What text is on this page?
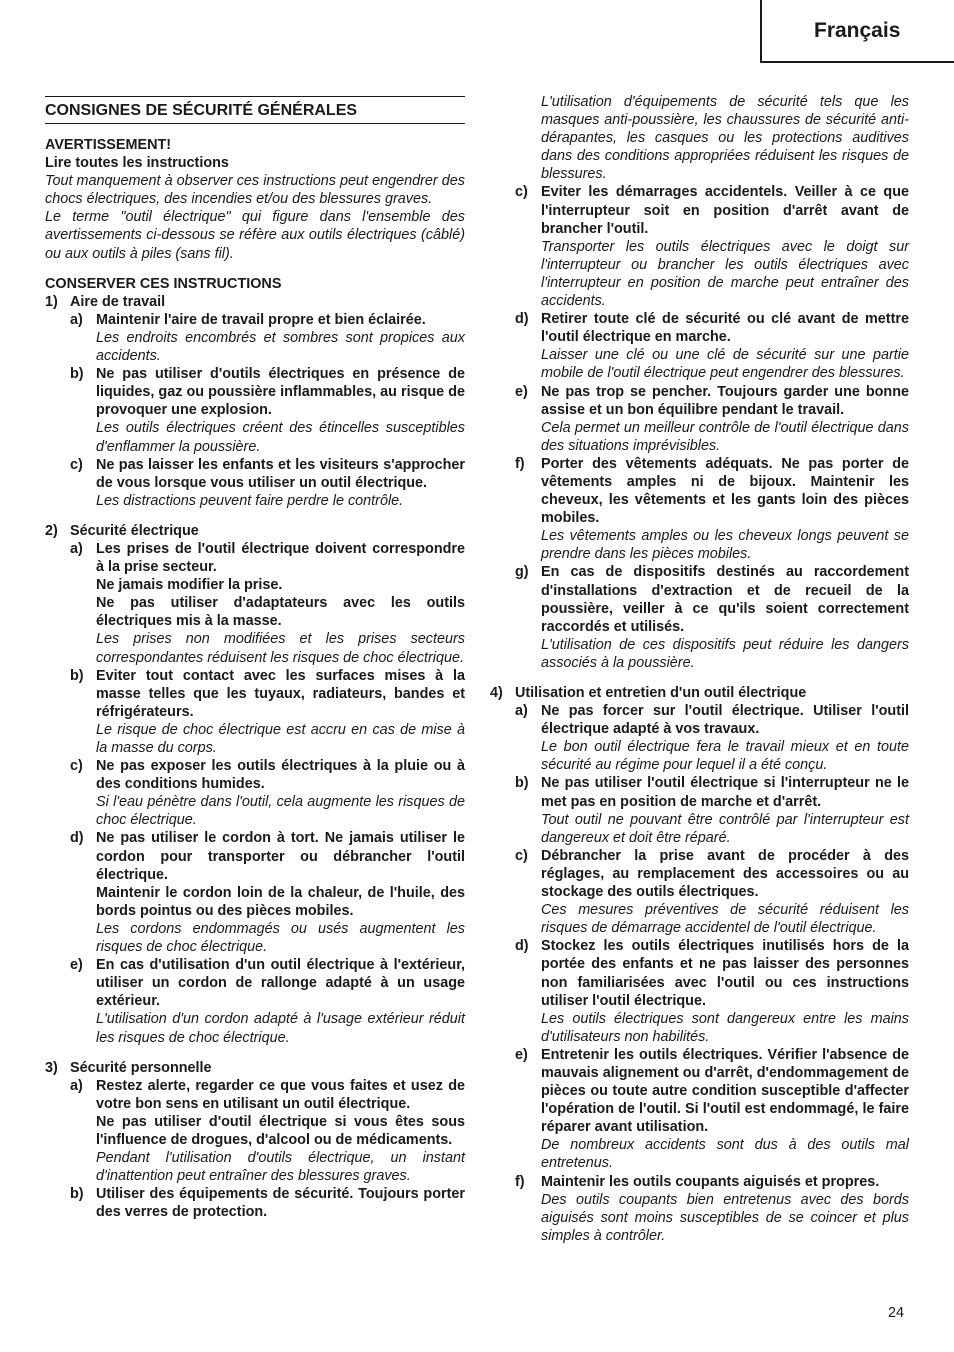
Français
CONSIGNES DE SÉCURITÉ GÉNÉRALES
AVERTISSEMENT!
Lire toutes les instructions
Tout manquement à observer ces instructions peut engendrer des chocs électriques, des incendies et/ou des blessures graves.
Le terme "outil électrique" qui figure dans l'ensemble des avertissements ci-dessous se réfère aux outils électriques (câblé) ou aux outils à piles (sans fil).
CONSERVER CES INSTRUCTIONS
1) Aire de travail
a) Maintenir l'aire de travail propre et bien éclairée.
Les endroits encombrés et sombres sont propices aux accidents.
b) Ne pas utiliser d'outils électriques en présence de liquides, gaz ou poussière inflammables, au risque de provoquer une explosion.
Les outils électriques créent des étincelles susceptibles d'enflammer la poussière.
c) Ne pas laisser les enfants et les visiteurs s'approcher de vous lorsque vous utiliser un outil électrique.
Les distractions peuvent faire perdre le contrôle.
2) Sécurité électrique
a) Les prises de l'outil électrique doivent correspondre à la prise secteur.
Ne jamais modifier la prise.
Ne pas utiliser d'adaptateurs avec les outils électriques mis à la masse.
Les prises non modifiées et les prises secteurs correspondantes réduisent les risques de choc électrique.
b) Eviter tout contact avec les surfaces mises à la masse telles que les tuyaux, radiateurs, bandes et réfrigérateurs.
Le risque de choc électrique est accru en cas de mise à la masse du corps.
c) Ne pas exposer les outils électriques à la pluie ou à des conditions humides.
Si l'eau pénètre dans l'outil, cela augmente les risques de choc électrique.
d) Ne pas utiliser le cordon à tort. Ne jamais utiliser le cordon pour transporter ou débrancher l'outil électrique.
Maintenir le cordon loin de la chaleur, de l'huile, des bords pointus ou des pièces mobiles.
Les cordons endommagés ou usés augmentent les risques de choc électrique.
e) En cas d'utilisation d'un outil électrique à l'extérieur, utiliser un cordon de rallonge adapté à un usage extérieur.
L'utilisation d'un cordon adapté à l'usage extérieur réduit les risques de choc électrique.
3) Sécurité personnelle
a) Restez alerte, regarder ce que vous faites et usez de votre bon sens en utilisant un outil électrique.
Ne pas utiliser d'outil électrique si vous êtes sous l'influence de drogues, d'alcool ou de médicaments.
Pendant l'utilisation d'outils électrique, un instant d'inattention peut entraîner des blessures graves.
b) Utiliser des équipements de sécurité. Toujours porter des verres de protection.
L'utilisation d'équipements de sécurité tels que les masques anti-poussière, les chaussures de sécurité anti-dérapantes, les casques ou les protections auditives dans des conditions appropriées réduisent les risques de blessures.
c) Eviter les démarrages accidentels. Veiller à ce que l'interrupteur soit en position d'arrêt avant de brancher l'outil.
Transporter les outils électriques avec le doigt sur l'interrupteur ou brancher les outils électriques avec l'interrupteur en position de marche peut entraîner des accidents.
d) Retirer toute clé de sécurité ou clé avant de mettre l'outil électrique en marche.
Laisser une clé ou une clé de sécurité sur une partie mobile de l'outil électrique peut engendrer des blessures.
e) Ne pas trop se pencher. Toujours garder une bonne assise et un bon équilibre pendant le travail.
Cela permet un meilleur contrôle de l'outil électrique dans des situations imprévisibles.
f)	Porter des vêtements adéquats. Ne pas porter de vêtements amples ni de bijoux. Maintenir les cheveux, les vêtements et les gants loin des pièces mobiles.
Les vêtements amples ou les cheveux longs peuvent se prendre dans les pièces mobiles.
g) En cas de dispositifs destinés au raccordement d'installations d'extraction et de recueil de la poussière, veiller à ce qu'ils soient correctement raccordés et utilisés.
L'utilisation de ces dispositifs peut réduire les dangers associés à la poussière.
4) Utilisation et entretien d'un outil électrique
a) Ne pas forcer sur l'outil électrique. Utiliser l'outil électrique adapté à vos travaux.
Le bon outil électrique fera le travail mieux et en toute sécurité au régime pour lequel il a été conçu.
b) Ne pas utiliser l'outil électrique si l'interrupteur ne le met pas en position de marche et d'arrêt.
Tout outil ne pouvant être contrôlé par l'interrupteur est dangereux et doit être réparé.
c) Débrancher la prise avant de procéder à des réglages, au remplacement des accessoires ou au stockage des outils électriques.
Ces mesures préventives de sécurité réduisent les risques de démarrage accidentel de l'outil électrique.
d) Stockez les outils électriques inutilisés hors de la portée des enfants et ne pas laisser des personnes non familiarisées avec l'outil ou ces instructions utiliser l'outil électrique.
Les outils électriques sont dangereux entre les mains d'utilisateurs non habilités.
e) Entretenir les outils électriques. Vérifier l'absence de mauvais alignement ou d'arrêt, d'endommagement de pièces ou toute autre condition susceptible d'affecter l'opération de l'outil. Si l'outil est endommagé, le faire réparer avant utilisation.
De nombreux accidents sont dus à des outils mal entretenus.
f)	Maintenir les outils coupants aiguisés et propres.
Des outils coupants bien entretenus avec des bords aiguisés sont moins susceptibles de se coincer et plus simples à contrôler.
24
